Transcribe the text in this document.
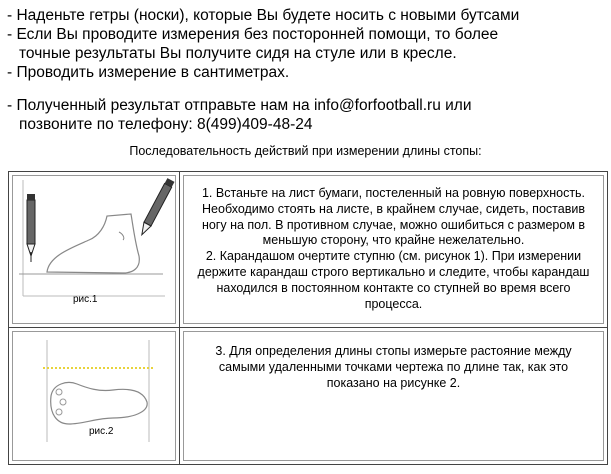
- Наденьте гетры (носки), которые Вы будете носить с новыми бутсами
- Если Вы проводите измерения без посторонней помощи, то более
точные результаты Вы получите сидя на стуле или в кресле.
- Проводить измерение в сантиметрах.
- Полученный результат отправьте нам на info@forfootball.ru или
позвоните по телефону: 8(499)409-48-24
Последовательность действий при измерении длины стопы:
рис.1	1. Встаньте на лист бумаги, постеленный на ровную поверхность. Необходимо стоять на листе, в крайнем случае, сидеть, поставив ногу на пол. В противном случае, можно ошибиться с размером в меньшую сторону, что крайне нежелательно.
2. Карандашом очертите ступню (см. рисунок 1). При измерении держите карандаш строго вертикально и следите, чтобы карандаш находился в постоянном контакте со ступней во время всего процесса.

рис.2	3. Для определения длины стопы измерьте растояние между самыми удаленными точками чертежа по длине так, как это показано на рисунке 2.
